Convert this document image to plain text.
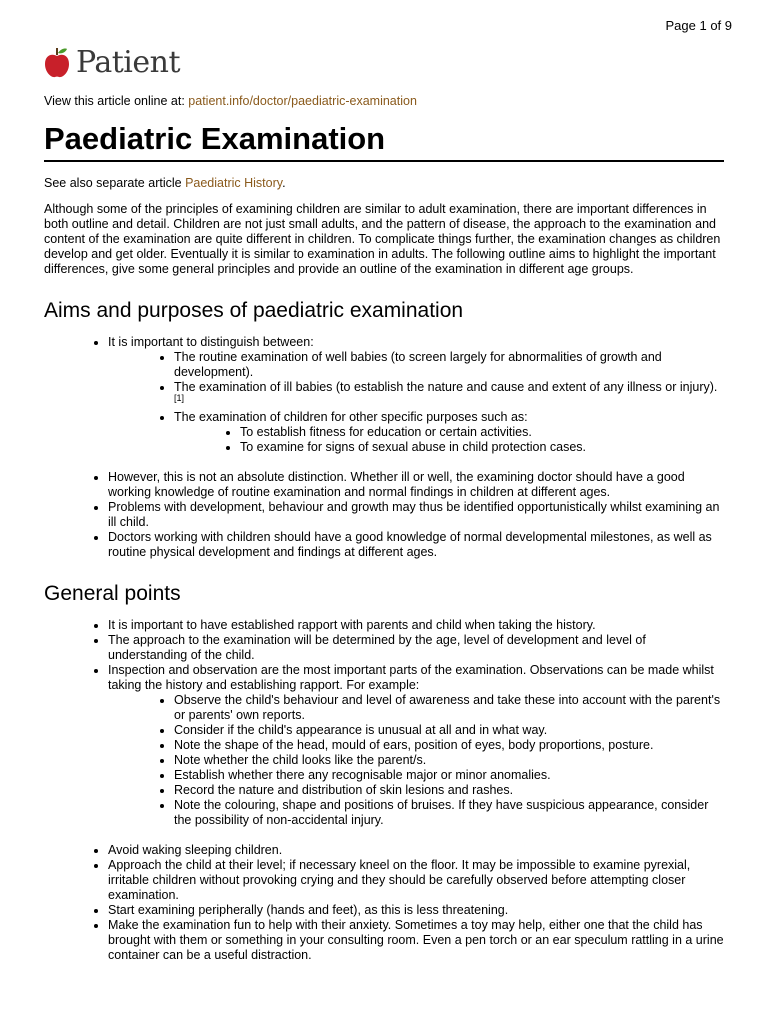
Page 1 of 9
Patient
View this article online at: patient.info/doctor/paediatric-examination
Paediatric Examination

See also separate article Paediatric History.

Although some of the principles of examining children are similar to adult examination, there are important differences in both outline and detail. Children are not just small adults, and the pattern of disease, the approach to the examination and content of the examination are quite different in children. To complicate things further, the examination changes as children develop and get older. Eventually it is similar to examination in adults. The following outline aims to highlight the important differences, give some general principles and provide an outline of the examination in different age groups.

Aims and purposes of paediatric examination
• It is important to distinguish between:
• The routine examination of well babies (to screen largely for abnormalities of growth and development).
• The examination of ill babies (to establish the nature and cause and extent of any illness or injury).[1]
• The examination of children for other specific purposes such as:
• To establish fitness for education or certain activities.
• To examine for signs of sexual abuse in child protection cases.
• However, this is not an absolute distinction. Whether ill or well, the examining doctor should have a good working knowledge of routine examination and normal findings in children at different ages.
• Problems with development, behaviour and growth may thus be identified opportunistically whilst examining an ill child.
• Doctors working with children should have a good knowledge of normal developmental milestones, as well as routine physical development and findings at different ages.
General points
• It is important to have established rapport with parents and child when taking the history.
• The approach to the examination will be determined by the age, level of development and level of understanding of the child.
• Inspection and observation are the most important parts of the examination. Observations can be made whilst taking the history and establishing rapport. For example:
• Observe the child's behaviour and level of awareness and take these into account with the parent's or parents' own reports.
• Consider if the child's appearance is unusual at all and in what way.
• Note the shape of the head, mould of ears, position of eyes, body proportions, posture.
• Note whether the child looks like the parent/s.
• Establish whether there any recognisable major or minor anomalies.
• Record the nature and distribution of skin lesions and rashes.
• Note the colouring, shape and positions of bruises. If they have suspicious appearance, consider the possibility of non-accidental injury.
• Avoid waking sleeping children.
• Approach the child at their level; if necessary kneel on the floor. It may be impossible to examine pyrexial, irritable children without provoking crying and they should be carefully observed before attempting closer examination.
• Start examining peripherally (hands and feet), as this is less threatening.
• Make the examination fun to help with their anxiety. Sometimes a toy may help, either one that the child has brought with them or something in your consulting room. Even a pen torch or an ear speculum rattling in a urine container can be a useful distraction.
